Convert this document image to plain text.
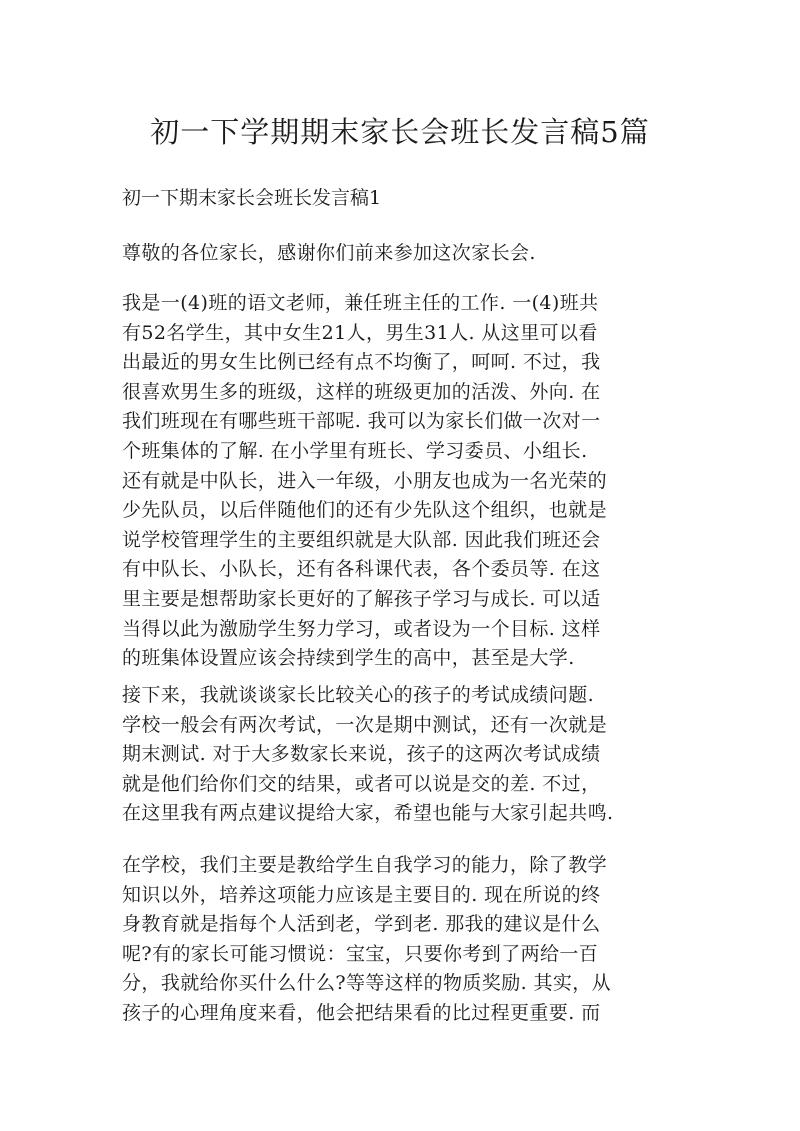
初一下学期期末家长会班长发言稿5篇

初一下期末家长会班长发言稿1

尊敬的各位家长，感谢你们前来参加这次家长会.

我是一(4)班的语文老师，兼任班主任的工作. 一(4)班共
有52名学生，其中女生21人，男生31人. 从这里可以看
出最近的男女生比例已经有点不均衡了，呵呵. 不过，我
很喜欢男生多的班级，这样的班级更加的活泼、外向. 在
我们班现在有哪些班干部呢. 我可以为家长们做一次对一
个班集体的了解. 在小学里有班长、学习委员、小组长.
还有就是中队长，进入一年级，小朋友也成为一名光荣的
少先队员，以后伴随他们的还有少先队这个组织，也就是
说学校管理学生的主要组织就是大队部. 因此我们班还会
有中队长、小队长，还有各科课代表，各个委员等. 在这
里主要是想帮助家长更好的了解孩子学习与成长. 可以适
当得以此为激励学生努力学习，或者设为一个目标. 这样
的班集体设置应该会持续到学生的高中，甚至是大学.

接下来，我就谈谈家长比较关心的孩子的考试成绩问题.
学校一般会有两次考试，一次是期中测试，还有一次就是
期末测试. 对于大多数家长来说，孩子的这两次考试成绩
就是他们给你们交的结果，或者可以说是交的差. 不过，
在这里我有两点建议提给大家，希望也能与大家引起共鸣.

在学校，我们主要是教给学生自我学习的能力，除了教学
知识以外，培养这项能力应该是主要目的. 现在所说的终
身教育就是指每个人活到老，学到老. 那我的建议是什么
呢?有的家长可能习惯说：宝宝，只要你考到了两给一百
分，我就给你买什么什么?等等这样的物质奖励. 其实，从
孩子的心理角度来看，他会把结果看的比过程更重要. 而
